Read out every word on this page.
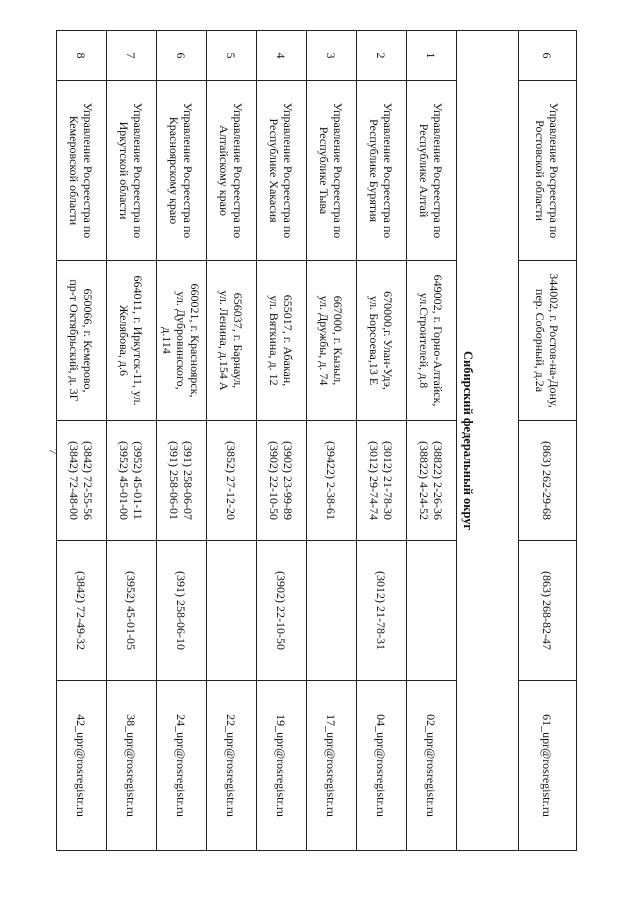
7
6	Управление Росреестра по
Ростовской области	344002, г. Ростов-на-Дону,
пер. Соборный, д.2а	(863) 262-29-68	(863) 268-82-47	61_upr@rosregistr.ru
Сибирский федеральный округ					
1	Управление Росреестра по
Республике Алтай	649002, г. Горно-Алтайск,
ул.Строителей, д.8	(38822) 2-26-36
(38822) 4-24-52		02_upr@rosregistr.ru
2	Управление Росреестра по
Республике Бурятия	670000,г. Улан-Удэ,
ул. Борсоева,13 Е	(3012) 21-78-30
(3012) 29-74-74	(3012) 21-78-31	04_upr@rosregistr.ru
3	Управление Росреестра по
Республике Тыва	667000, г. Кызыл,
ул. Дружбы, д. 74	(39422) 2-38-61		17_upr@rosregistr.ru
4	Управление Росреестра по
Республике Хакасия	655017, г. Абакан,
ул. Вяткина, д. 12	(3902) 23-99-89
(3902) 22-10-50	(3902) 22-10-50	19_upr@rosregistr.ru
5	Управление Росреестра по
Алтайскому краю	656037, г. Барнаул,
ул. Ленина, д.154 А	(3852) 27-12-20		22_upr@rosregistr.ru
6	Управление Росреестра по
Красноярскому краю	660021, г. Красноярск,
ул. Дубровинского,
д.114	(391) 258-06-07
(391) 258-06-01	(391) 258-06-10	24_upr@rosregistr.ru
7	Управление Росреестра по
Иркутской области	664011, г. Иркутск-11, ул.
Желябова, д.6	(3952) 45-01-11
(3952) 45-01-00	(3952) 45-01-05	38_upr@rosregistr.ru
8	Управление Росреестра по
Кемеровской области	650066, г. Кемерово,
пр-т Октябрьский, д. 3Г	(3842) 72-55-56
(3842) 72-48-00	(3842) 72-49-32	42_upr@rosregistr.ru
